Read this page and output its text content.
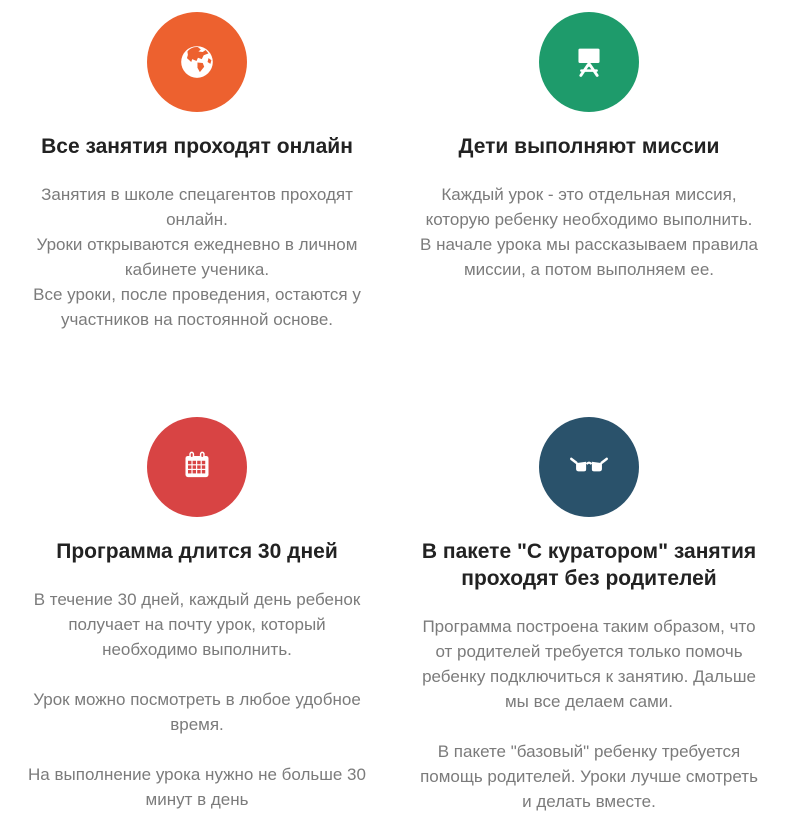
Все занятия проходят онлайн

Занятия в школе спецагентов проходят онлайн.

Уроки открываются ежедневно в личном кабинете ученика.

Все уроки, после проведения, остаются у участников на постоянной основе.

Дети выполняют миссии

Каждый урок - это отдельная миссия, которую ребенку необходимо выполнить.

В начале урока мы рассказываем правила миссии, а потом выполняем ее.

Программа длится 30 дней

В течение 30 дней, каждый день ребенок получает на почту урок, который необходимо выполнить.

Урок можно посмотреть в любое удобное время.

На выполнение урока нужно не больше 30 минут в день

В пакете "С куратором" занятия проходят без родителей

Программа построена таким образом, что от родителей требуется только помочь ребенку подключиться к занятию. Дальше мы все делаем сами.

В пакете "базовый" ребенку требуется помощь родителей. Уроки лучше смотреть и делать вместе.
